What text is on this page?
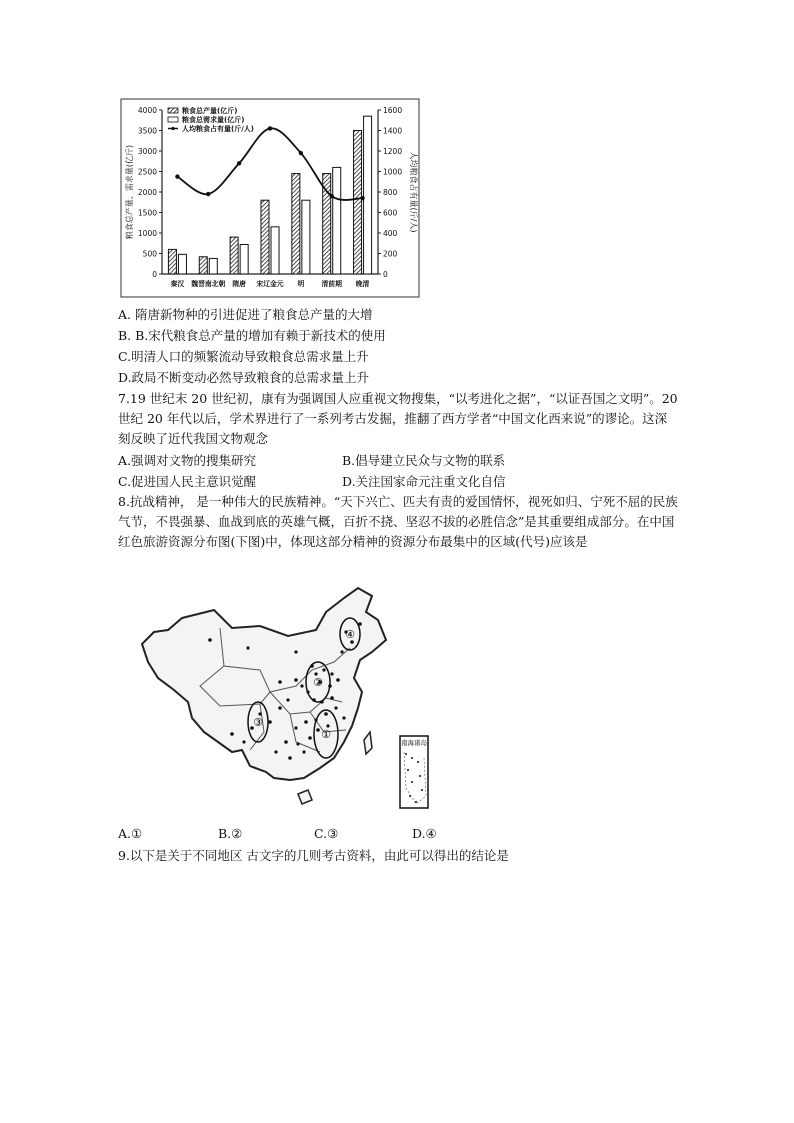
0
500
1000
1500
2000
2500
3000
3500
4000
0
200
400
600
800
1000
1200
1400
1600
粮食总产量、需求量(亿斤)	人均粮食占有量(斤/人)
秦汉 魏晋南北朝 隋唐 宋辽金元 明	清前期 晚清
粮食总产量(亿斤)
粮食总需求量(亿斤)
人均粮食占有量(斤/人)
A. 隋唐新物种的引进促进了粮食总产量的大增
B. B.宋代粮食总产量的增加有赖于新技术的使用
C.明清人口的频繁流动导致粮食总需求量上升
D.政局不断变动必然导致粮食的总需求量上升
7.19 世纪末 20 世纪初，康有为强调国人应重视文物搜集，“以考进化之据”，“以证吾国之文明”。20 世纪 20 年代以后，学术界进行了一系列考古发掘，推翻了西方学者“中国文化西来说”的谬论。这深刻反映了近代我国文物观念
A.强调对文物的搜集研究	B.倡导建立民众与文物的联系
C.促进国人民主意识觉醒	D.关注国家命元注重文化自信
8.抗战精神， 是一种伟大的民族精神。“天下兴亡、匹夫有责的爱国情怀，视死如归、宁死不屈的民族气节，不畏强暴、血战到底的英雄气概，百折不挠、坚忍不拔的必胜信念”是其重要组成部分。在中国红色旅游资源分布图(下图)中，体现这部分精神的资源分布最集中的区域(代号)应该是
①
②
③
④
南海诸岛
A.①	B.②	C.③	D.④
9.以下是关于不同地区 古文字的几则考古资料，由此可以得出的结论是
